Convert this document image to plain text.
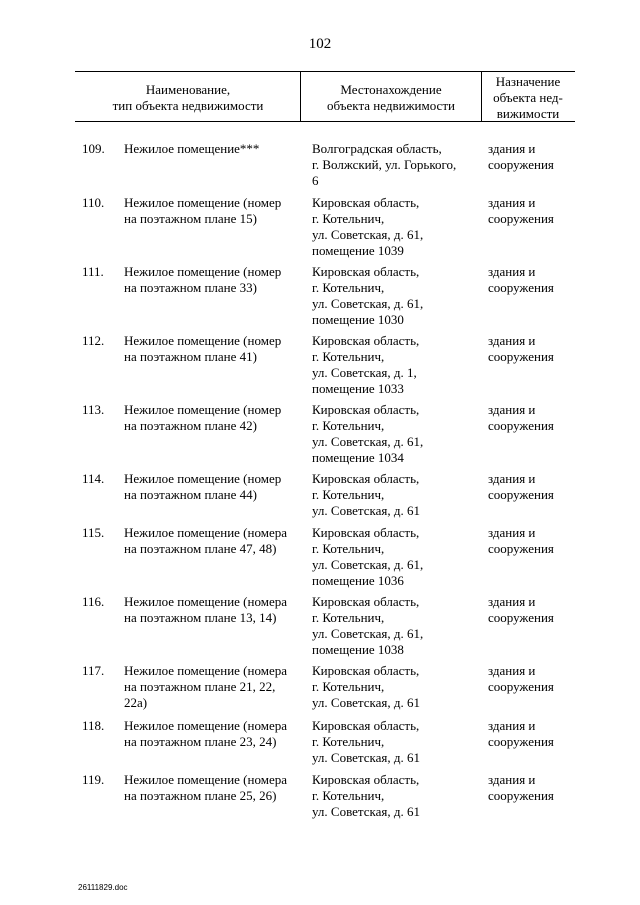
102
Наименование,
тип объекта недвижимости
Местонахождение
объекта недвижимости
Назначение
объекта нед-
вижимости
109. Нежилое помещение***	Волгоградская область,
г. Волжский, ул. Горького,
6
здания и
сооружения
110. Нежилое помещение (номер
на поэтажном плане 15)
Кировская область,
г. Котельнич,
ул. Советская, д. 61,
помещение 1039
здания и
сооружения
111. Нежилое помещение (номер
на поэтажном плане 33)
Кировская область,
г. Котельнич,
ул. Советская, д. 61,
помещение 1030
здания и
сооружения
112. Нежилое помещение (номер
на поэтажном плане 41)
Кировская область,
г. Котельнич,
ул. Советская, д. 1,
помещение 1033
здания и
сооружения
113. Нежилое помещение (номер
на поэтажном плане 42)
Кировская область,
г. Котельнич,
ул. Советская, д. 61,
помещение 1034
здания и
сооружения
114. Нежилое помещение (номер
на поэтажном плане 44)
Кировская область,
г. Котельнич,
ул. Советская, д. 61
здания и
сооружения
115. Нежилое помещение (номера
на поэтажном плане 47, 48)
Кировская область,
г. Котельнич,
ул. Советская, д. 61,
помещение 1036
здания и
сооружения
116. Нежилое помещение (номера
на поэтажном плане 13, 14)
Кировская область,
г. Котельнич,
ул. Советская, д. 61,
помещение 1038
здания и
сооружения
117. Нежилое помещение (номера
на поэтажном плане 21, 22,
22а)
Кировская область,
г. Котельнич,
ул. Советская, д. 61
здания и
сооружения
118. Нежилое помещение (номера
на поэтажном плане 23, 24)
Кировская область,
г. Котельнич,
ул. Советская, д. 61
здания и
сооружения
119. Нежилое помещение (номера
на поэтажном плане 25, 26)
Кировская область,
г. Котельнич,
ул. Советская, д. 61
здания и
сооружения
26111829.doc
